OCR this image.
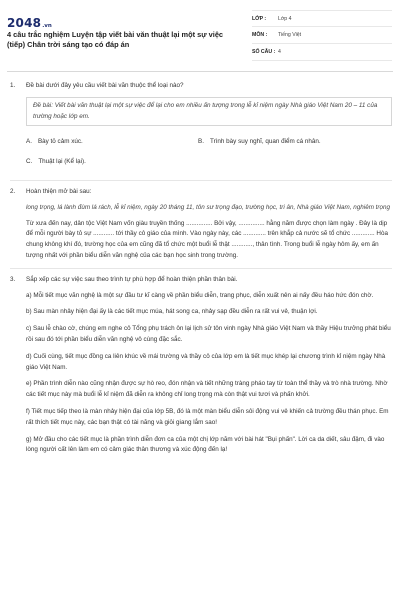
2048.vn
4 câu trắc nghiệm Luyện tập viết bài văn thuật lại một sự việc (tiếp) Chân trời sáng tạo có đáp án
LỚP :	Lớp 4
MÔN :	Tiếng Việt
SỐ CÂU : 4
1.	Đề bài dưới đây yêu cầu viết bài văn thuộc thể loại nào?
Đề bài: Viết bài văn thuật lại một sự việc để lại cho em nhiều ấn tượng trong lễ kỉ niệm ngày Nhà giáo Việt Nam 20 – 11 của trường hoặc lớp em.
A. Bày tỏ cảm xúc.	B. Trình bày suy nghĩ, quan điểm cá nhân.
C. Thuật lại (Kể lại).
2.	Hoàn thiện mở bài sau:
long trọng, lá lành đùm lá rách, lễ kỉ niệm, ngày 20 tháng 11, tôn sư trọng đạo, trường học, tri ân, Nhà giáo Việt Nam, nghiêm trọng
Từ xưa đến nay, dân tộc Việt Nam vốn giàu truyền thống ............... Bởi vậy, ............... hằng năm được chọn làm ngày . Đây là dịp để mỗi người bày tỏ sự ............ tới thầy cô giáo của mình. Vào ngày này, các ............. trên khắp cả nước sẽ tổ chức ............. Hòa chung không khí đó, trường học của em cũng đã tổ chức một buổi lễ thật ............, thân tình. Trong buổi lễ ngày hôm ấy, em ấn tượng nhất với phần biểu diễn văn nghệ của các bạn học sinh trong trường.
3.	Sắp xếp các sự việc sau theo trình tự phù hợp để hoàn thiện phần thân bài.
a) Mỗi tiết mục văn nghệ là một sự đầu tư kĩ càng về phần biểu diễn, trang phục, diễn xuất nên ai nấy đều háo hức đón chờ.
b) Sau màn nhảy hiện đại ấy là các tiết mục múa, hát song ca, nhảy sạp đều diễn ra rất vui vẻ, thuận lợi.
c) Sau lễ chào cờ, chúng em nghe cô Tổng phụ trách ôn lại lịch sử tôn vinh ngày Nhà giáo Việt Nam và thầy Hiệu trưởng phát biểu rồi sau đó tới phần biểu diễn văn nghệ vô cùng đặc sắc.
d) Cuối cùng, tiết mục đồng ca liên khúc về mái trường và thầy cô của lớp em là tiết mục khép lại chương trình kỉ niệm ngày Nhà giáo Việt Nam.
e) Phần trình diễn nào cũng nhận được sự hò reo, đón nhận và tiết những tràng pháo tay từ toàn thể thầy và trò nhà trường. Nhờ các tiết mục này mà buổi lễ kỉ niệm đã diễn ra không chỉ long trọng mà còn thật vui tươi và phấn khởi.
f) Tiết mục tiếp theo là màn nhảy hiện đại của lớp 5B, đó là một màn biểu diễn sôi động vui vẻ khiến cả trường đều thán phục. Em rất thích tiết mục này, các bạn thật có tài năng và giỏi giang lắm sao!
g) Mở đầu cho các tiết mục là phần trình diễn đơn ca của một chị lớp năm với bài hát "Bụi phấn". Lời ca da diết, sâu đậm, đi vào lòng người cất lên làm em có cảm giác thân thương và xúc động đến lạ!
